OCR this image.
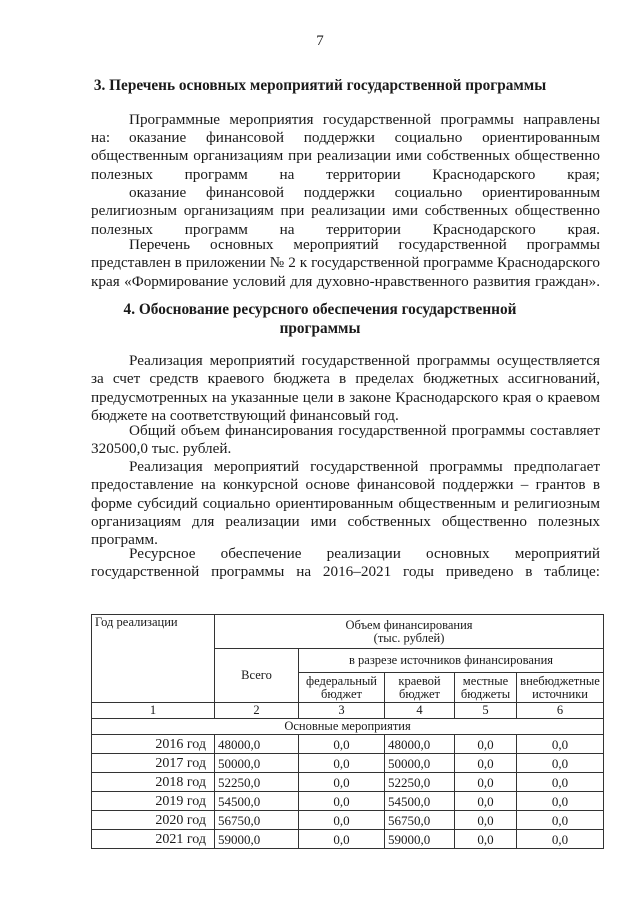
7
3. Перечень основных мероприятий государственной программы
Программные мероприятия государственной программы направлены на:	оказание финансовой поддержки социально ориентированным общественным организациям при реализации ими собственных общественно полезных программ на территории Краснодарского края;
оказание финансовой поддержки социально ориентированным религиозным организациям при реализации ими собственных общественно полезных программ на территории Краснодарского края.
Перечень основных мероприятий государственной программы представлен в приложении № 2 к государственной программе Краснодарского края «Формирование условий для духовно-нравственного развития граждан».
4. Обоснование ресурсного обеспечения государственной
программы
Реализация мероприятий государственной программы осуществляется за счет средств краевого бюджета в пределах бюджетных ассигнований, предусмотренных на указанные цели в законе Краснодарского края о краевом бюджете на соответствующий финансовый год.
Общий объем финансирования государственной программы составляет 320500,0 тыс. рублей.
Реализация мероприятий государственной программы предполагает предоставление на конкурсной основе финансовой поддержки – грантов в форме субсидий социально ориентированным общественным и религиозным организациям для реализации ими собственных общественно полезных программ.
Ресурсное обеспечение реализации основных мероприятий государственной программы на 2016–2021 годы приведено в таблице:
Год реализации	Объем финансирования
(тыс. рублей)				

	Всего	в разрезе источников финансирования			
		федеральный бюджет	краевой бюджет	местные бюджеты	внебюджетные источники
1	2	3	4	5	6
Основные мероприятия					
2016 год	48000,0	0,0	48000,0	0,0	0,0
2017 год	50000,0	0,0	50000,0	0,0	0,0
2018 год	52250,0	0,0	52250,0	0,0	0,0
2019 год	54500,0	0,0	54500,0	0,0	0,0
2020 год	56750,0	0,0	56750,0	0,0	0,0
2021 год	59000,0	0,0	59000,0	0,0	0,0
